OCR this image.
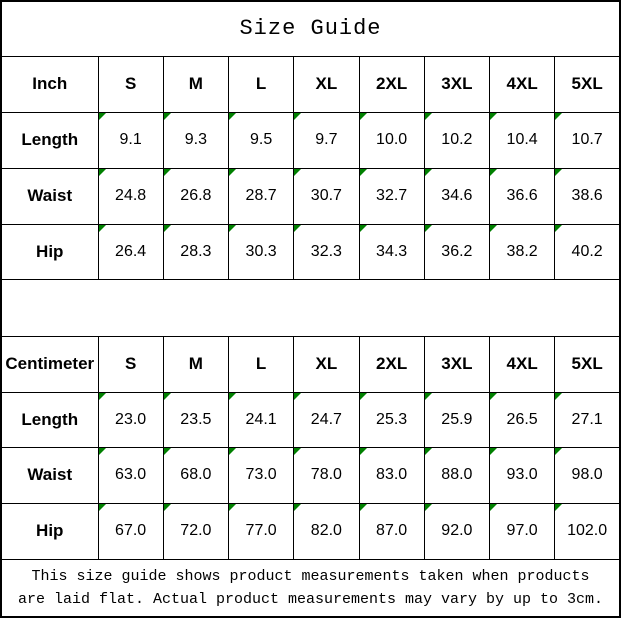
Size Guide								
Inch	S	M	L	XL	2XL	3XL	4XL	5XL
Length	9.1	9.3	9.5	9.7	10.0	10.2	10.4	10.7
Waist	24.8	26.8	28.7	30.7	32.7	34.6	36.6	38.6
Hip	26.4	28.3	30.3	32.3	34.3	36.2	38.2	40.2

Centimeter	S	M	L	XL	2XL	3XL	4XL	5XL
Length	23.0	23.5	24.1	24.7	25.3	25.9	26.5	27.1
Waist	63.0	68.0	73.0	78.0	83.0	88.0	93.0	98.0
Hip	67.0	72.0	77.0	82.0	87.0	92.0	97.0	102.0

This size guide shows product measurements taken when products
are laid flat. Actual product measurements may vary by up to 3cm.								
